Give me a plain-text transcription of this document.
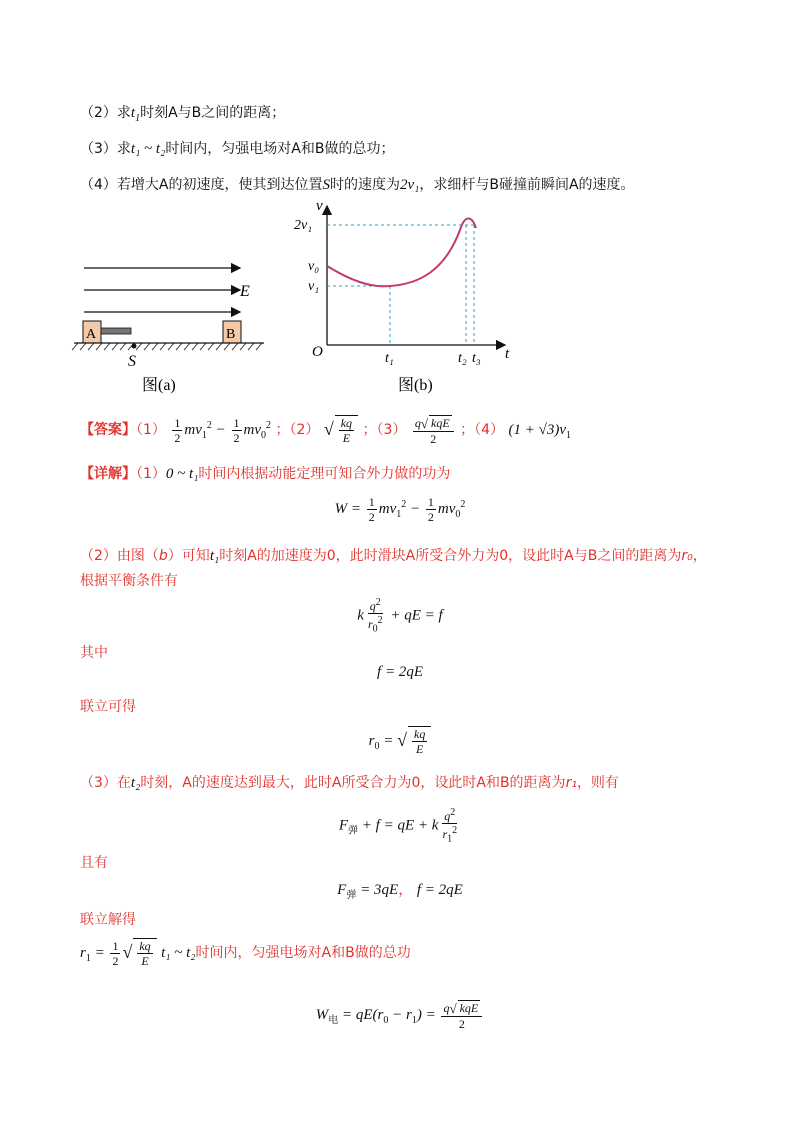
（2）求$t_1$时刻A与B之间的距离；
（3）求t₁ ~ t₂时间内，匀强电场对A和B做的总功；
（4）若增大A的初速度，使其到达位置S时的速度为2v₁，求细杆与B碰撞前瞬间A的速度。
E
A	B
S
图(a)
v
t
O
2v₁
v₀
v₁
t₁	t₂ t₃
图(b)
【答案】$(1) \frac{1}{2} mv_1^2 - \frac{1}{2} mv_0^2$ ；（2） √ $\frac{kq}{E}$ ；$(3) \frac{\text{q√ kqE}}{2}$ ；（4） $(1 + √3)v_1$
【详解】（1）0 ~ t₁时间内根据动能定理可知合外力做的功为
$W = \frac{1}{2} mv_1^2 - \frac{1}{2} mv_0^2$
（2）由图（b）可知t₁时刻A的加速度为0，此时滑块A所受合外力为0，设此时A与B之间的距离为r₀，
根据平衡条件有
k $\frac{q^2}{r_0^2}$ + qE = f
其中
f = 2qE
联立可得
$r_0$ = √ $\frac{kq}{E}$
（3）在t₂时刻，A的速度达到最大，此时A所受合力为0，设此时A和B的距离为r₁，则有
$F_弹 + f$ = qE + k $\frac{q^2}{r_1^2}$
且有
$F_弹 = 3qE$， f = 2qE
联立解得
$r_1 = \frac{1}{2}$ √ $\frac{kq}{E} t_1$ ~ t₂时间内，匀强电场对A和B做的总功
$W_电 = qE(r_0 - r_1) = \frac{\text{q√ kqE}}{2}$
